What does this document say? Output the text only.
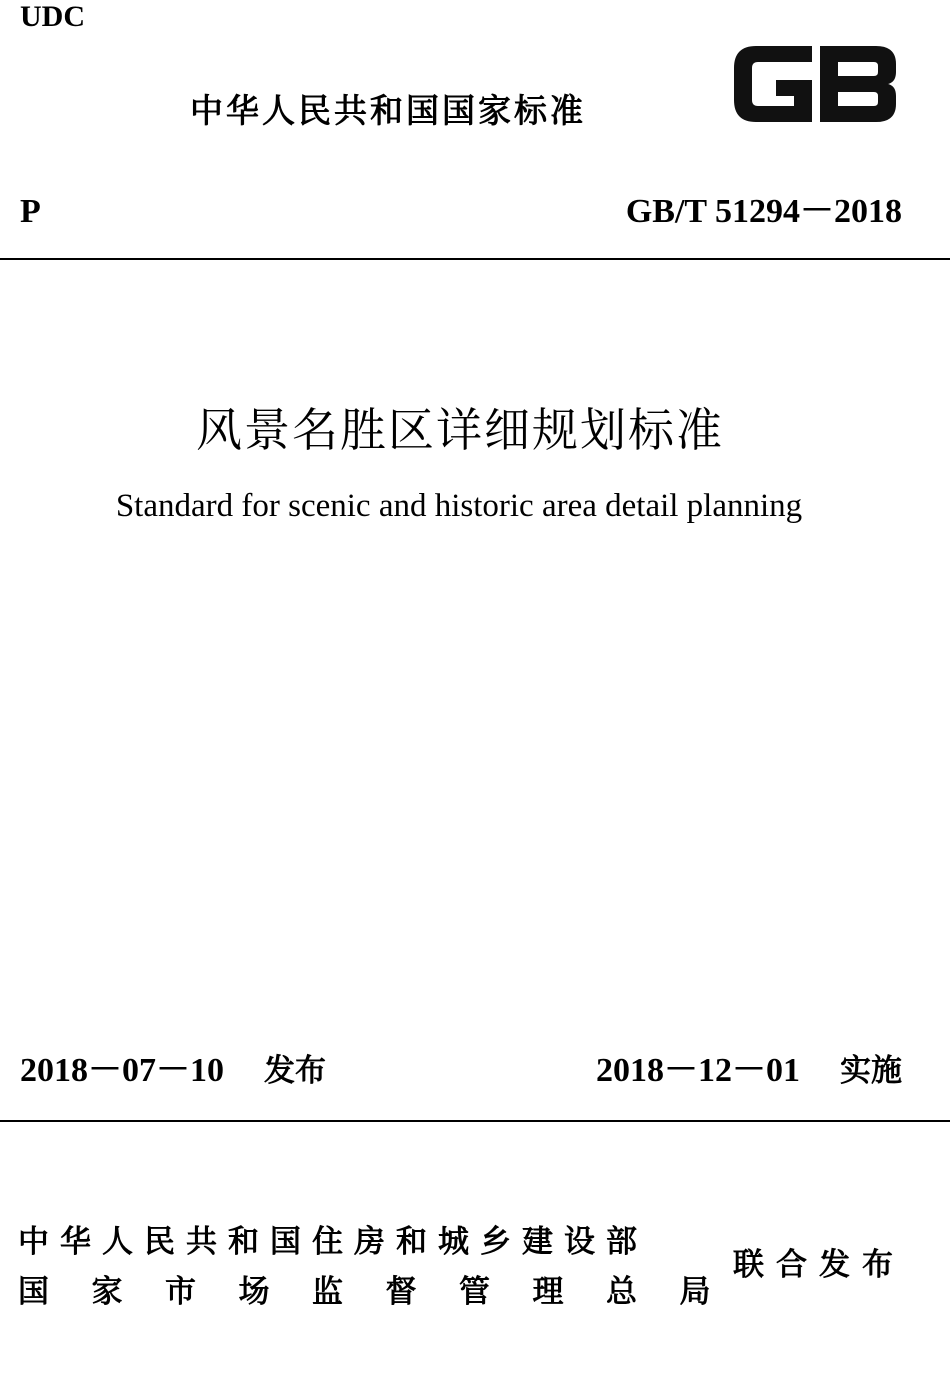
UDC
中华人民共和国国家标准
P	GB/T 51294－2018
风景名胜区详细规划标准
Standard for scenic and historic area detail planning
2018－07－10 发布	2018－12－01 实施
中华人民共和国住房和城乡建设部
国 家 市 场 监 督 管 理 总 局
联合发布
